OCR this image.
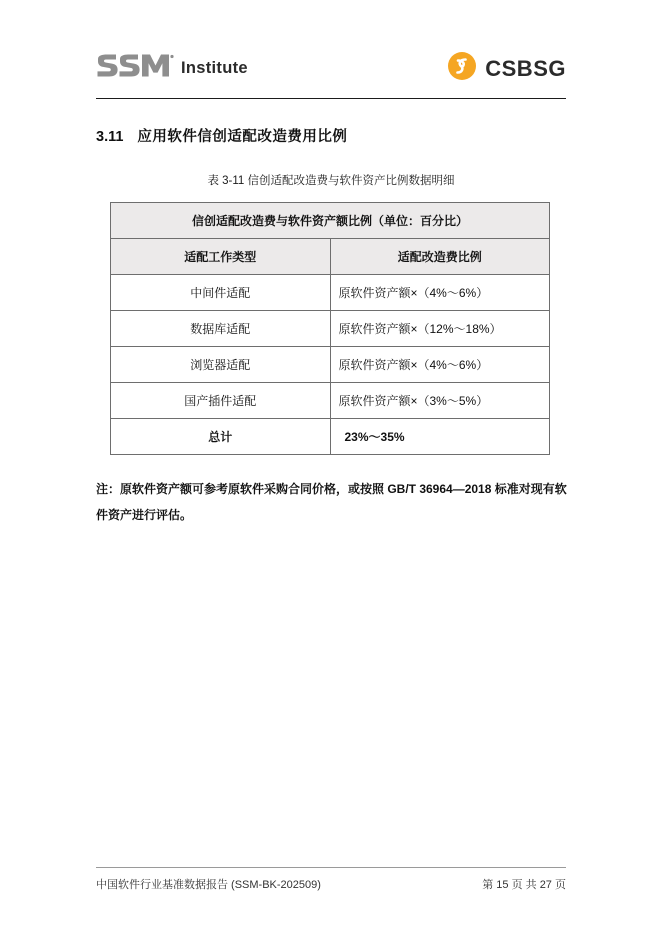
Institute	CSBSG
3.11 应用软件信创适配改造费用比例
表 3-11 信创适配改造费与软件资产比例数据明细
信创适配改造费与软件资产额比例（单位：百分比）	
适配工作类型	适配改造费比例
中间件适配	原软件资产额×（4%～6%）
数据库适配	原软件资产额×（12%～18%）
浏览器适配	原软件资产额×（4%～6%）
国产插件适配	原软件资产额×（3%～5%）
总计	23%～35%
注：原软件资产额可参考原软件采购合同价格，或按照 GB/T 36964—2018 标准对现有软件资产进行评估。
中国软件行业基准数据报告 (SSM-BK-202509)	第 15 页 共 27 页
